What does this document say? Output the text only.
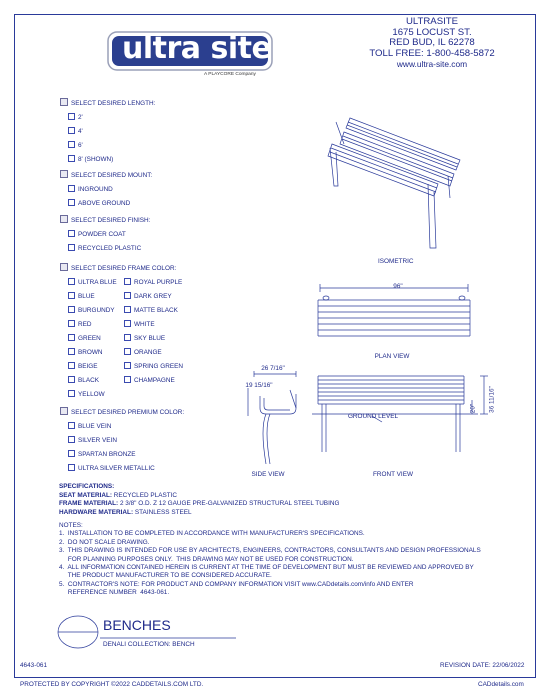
ultra site
A PLAYCORE Company
ULTRASITE
1675 LOCUST ST.
RED BUD, IL 62278
TOLL FREE: 1-800-458-5872
www.ultra-site.com
SELECT DESIRED LENGTH:
2'
4'
6'
8' (SHOWN)
SELECT DESIRED MOUNT:
INGROUND
ABOVE GROUND
SELECT DESIRED FINISH:
POWDER COAT
RECYCLED PLASTIC
SELECT DESIRED FRAME COLOR:
ULTRA BLUE
BLUE
BURGUNDY
RED
GREEN
BROWN
BEIGE
BLACK
YELLOW
ROYAL PURPLE
DARK GREY
MATTE BLACK
WHITE
SKY BLUE
ORANGE
SPRING GREEN
CHAMPAGNE
SELECT DESIRED PREMIUM COLOR:
BLUE VEIN
SILVER VEIN
SPARTAN BRONZE
ULTRA SILVER METALLIC
ISOMETRIC
96"
PLAN VIEW
26 7/16"
19 15/16"
SIDE VIEW
GROUND LEVEL
20" 36 11/16"
FRONT VIEW
SPECIFICATIONS:
SEAT MATERIAL: RECYCLED PLASTIC
FRAME MATERIAL: 2 3/8" O.D. Z 12 GAUGE PRE-GALVANIZED STRUCTURAL STEEL TUBING
HARDWARE MATERIAL: STAINLESS STEEL
NOTES:
1.  INSTALLATION TO BE COMPLETED IN ACCORDANCE WITH MANUFACTURER'S SPECIFICATIONS.
2.  DO NOT SCALE DRAWING.
3.  THIS DRAWING IS INTENDED FOR USE BY ARCHITECTS, ENGINEERS, CONTRACTORS, CONSULTANTS AND DESIGN PROFESSIONALS
FOR PLANNING PURPOSES ONLY.  THIS DRAWING MAY NOT BE USED FOR CONSTRUCTION.
4.  ALL INFORMATION CONTAINED HEREIN IS CURRENT AT THE TIME OF DEVELOPMENT BUT MUST BE REVIEWED AND APPROVED BY
THE PRODUCT MANUFACTURER TO BE CONSIDERED ACCURATE.
5.  CONTRACTOR'S NOTE: FOR PRODUCT AND COMPANY INFORMATION VISIT www.CADdetails.com/info AND ENTER
REFERENCE NUMBER  4643-061.
BENCHES
DENALI COLLECTION: BENCH
4643-061	REVISION DATE: 22/06/2022
PROTECTED BY COPYRIGHT ©2022 CADDETAILS.COM LTD.	CADdetails.com
